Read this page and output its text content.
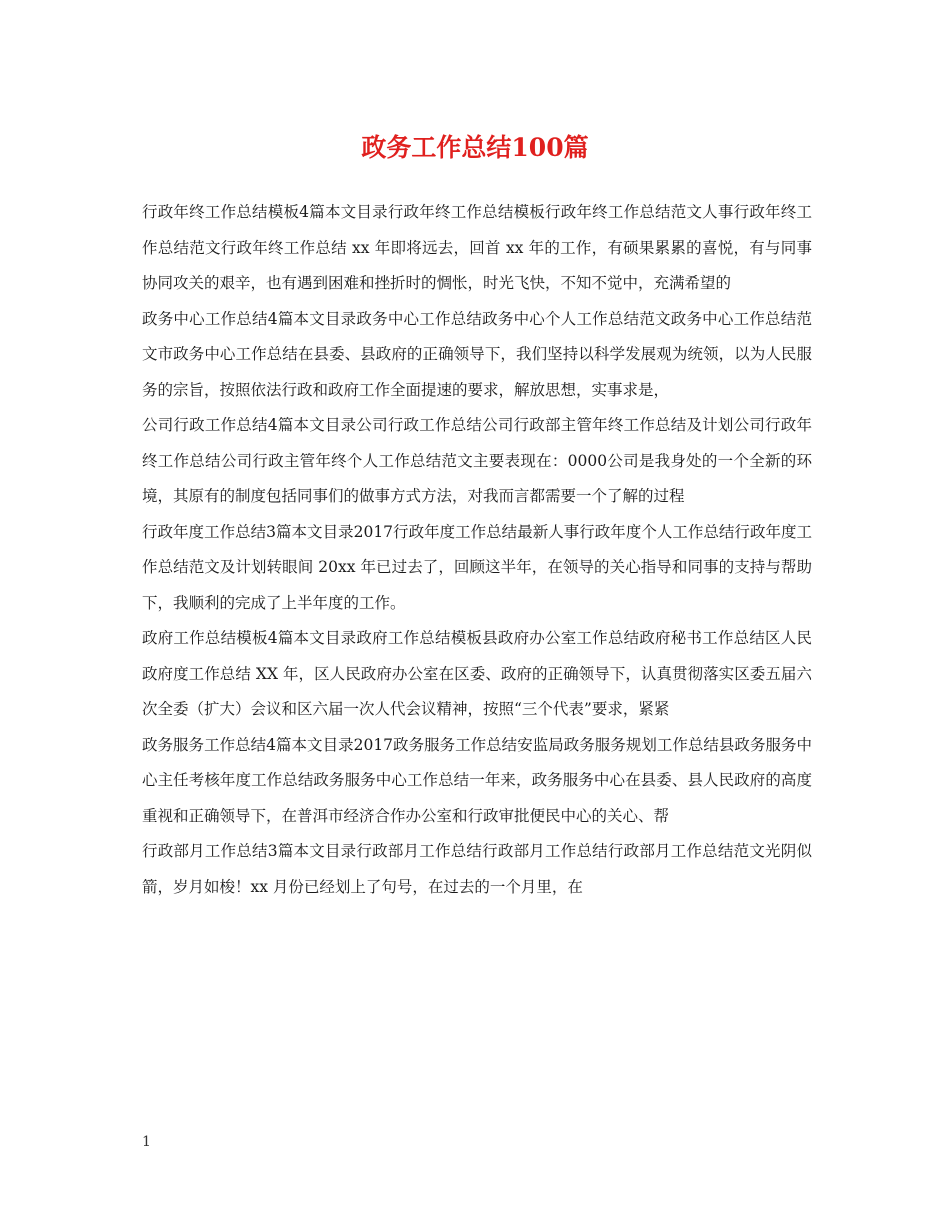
政务工作总结100篇

行政年终工作总结模板4篇本文目录行政年终工作总结模板行政年终工作总结范文人事行政年终工作总结范文行政年终工作总结 xx 年即将远去，回首 xx 年的工作，有硕果累累的喜悦，有与同事协同攻关的艰辛，也有遇到困难和挫折时的惆怅，时光飞快，不知不觉中，充满希望的

政务中心工作总结4篇本文目录政务中心工作总结政务中心个人工作总结范文政务中心工作总结范文市政务中心工作总结在县委、县政府的正确领导下，我们坚持以科学发展观为统领，以为人民服务的宗旨，按照依法行政和政府工作全面提速的要求，解放思想，实事求是，

公司行政工作总结4篇本文目录公司行政工作总结公司行政部主管年终工作总结及计划公司行政年终工作总结公司行政主管年终个人工作总结范文主要表现在：0000公司是我身处的一个全新的环境，其原有的制度包括同事们的做事方式方法，对我而言都需要一个了解的过程

行政年度工作总结3篇本文目录2017行政年度工作总结最新人事行政年度个人工作总结行政年度工作总结范文及计划转眼间 20xx 年已过去了，回顾这半年，在领导的关心指导和同事的支持与帮助下，我顺利的完成了上半年度的工作。

政府工作总结模板4篇本文目录政府工作总结模板县政府办公室工作总结政府秘书工作总结区人民政府度工作总结 XX 年，区人民政府办公室在区委、政府的正确领导下，认真贯彻落实区委五届六次全委（扩大）会议和区六届一次人代会议精神，按照“三个代表”要求，紧紧

政务服务工作总结4篇本文目录2017政务服务工作总结安监局政务服务规划工作总结县政务服务中心主任考核年度工作总结政务服务中心工作总结一年来，政务服务中心在县委、县人民政府的高度重视和正确领导下，在普洱市经济合作办公室和行政审批便民中心的关心、帮

行政部月工作总结3篇本文目录行政部月工作总结行政部月工作总结行政部月工作总结范文光阴似箭，岁月如梭！xx 月份已经划上了句号，在过去的一个月里，在

1
